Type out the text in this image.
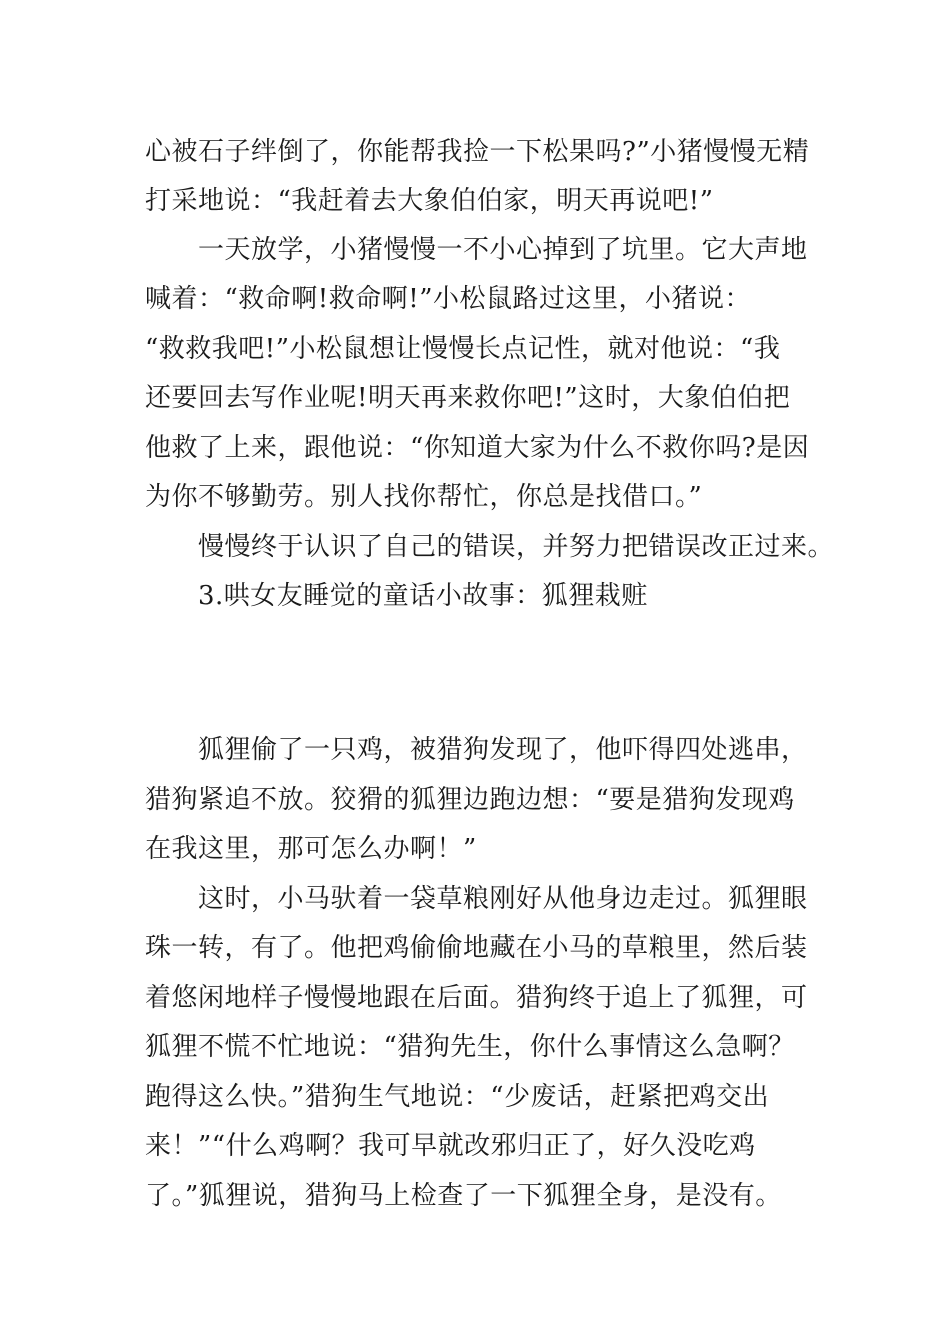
心被石子绊倒了，你能帮我捡一下松果吗?”小猪慢慢无精
打采地说：“我赶着去大象伯伯家，明天再说吧!”
一天放学，小猪慢慢一不小心掉到了坑里。它大声地
喊着：“救命啊!救命啊!”小松鼠路过这里，小猪说：
“救救我吧!”小松鼠想让慢慢长点记性，就对他说：“我
还要回去写作业呢!明天再来救你吧!”这时，大象伯伯把
他救了上来，跟他说：“你知道大家为什么不救你吗?是因
为你不够勤劳。别人找你帮忙，你总是找借口。”
慢慢终于认识了自己的错误，并努力把错误改正过来。
3.哄女友睡觉的童话小故事：狐狸栽赃
狐狸偷了一只鸡，被猎狗发现了，他吓得四处逃串，
猎狗紧追不放。狡猾的狐狸边跑边想：“要是猎狗发现鸡
在我这里，那可怎么办啊！”
这时，小马驮着一袋草粮刚好从他身边走过。狐狸眼
珠一转，有了。他把鸡偷偷地藏在小马的草粮里，然后装
着悠闲地样子慢慢地跟在后面。猎狗终于追上了狐狸，可
狐狸不慌不忙地说：“猎狗先生，你什么事情这么急啊？
跑得这么快。”猎狗生气地说：“少废话，赶紧把鸡交出
来！”“什么鸡啊？我可早就改邪归正了，好久没吃鸡
了。”狐狸说，猎狗马上检查了一下狐狸全身，是没有。
